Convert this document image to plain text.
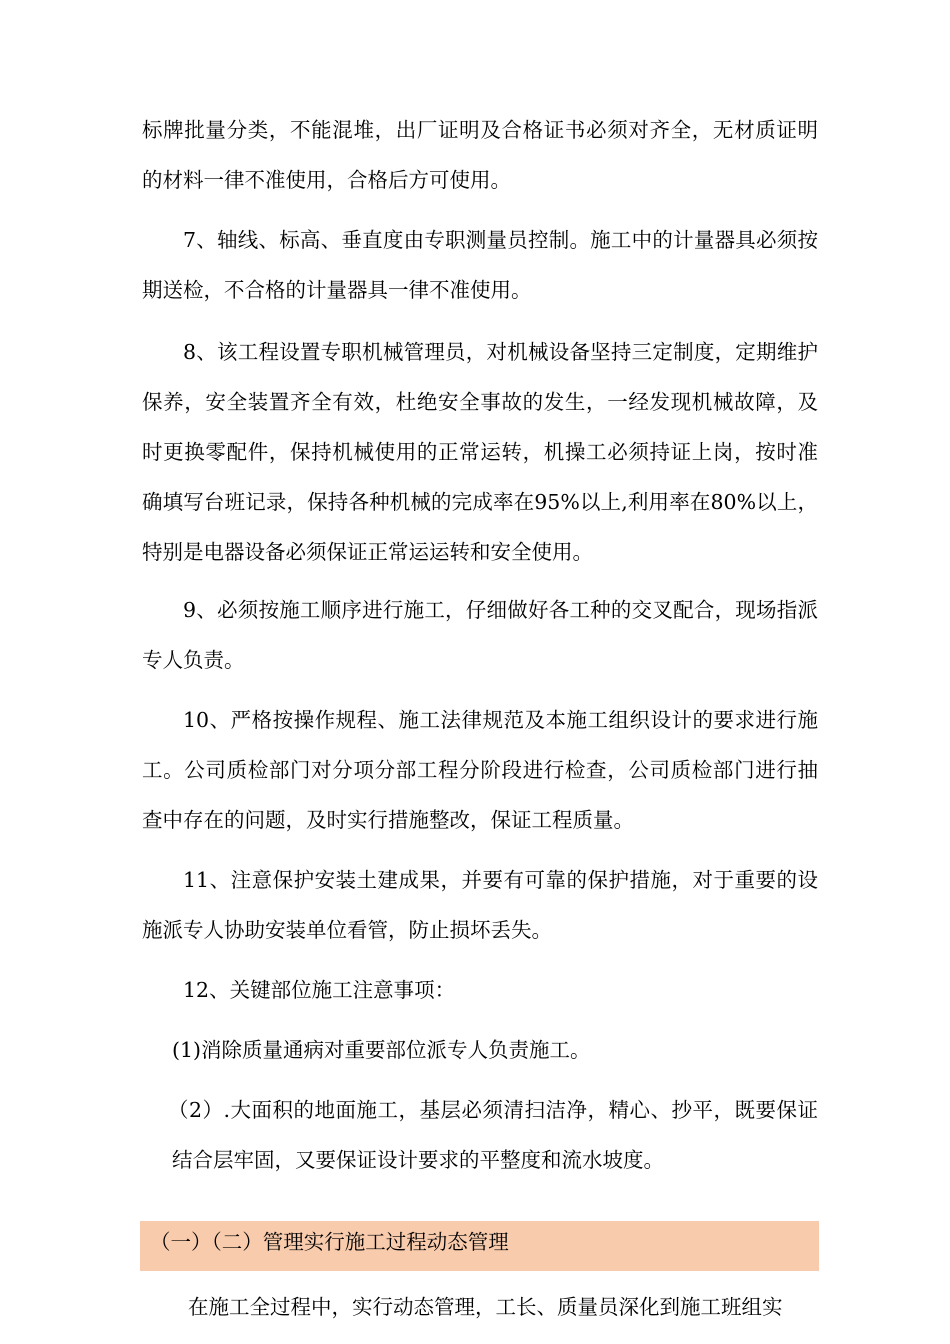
标牌批量分类，不能混堆，出厂证明及合格证书必须对齐全，无材质证明的材料一律不准使用，合格后方可使用。

7、轴线、标高、垂直度由专职测量员控制。施工中的计量器具必须按期送检，不合格的计量器具一律不准使用。

8、该工程设置专职机械管理员，对机械设备坚持三定制度，定期维护保养，安全装置齐全有效，杜绝安全事故的发生，一经发现机械故障，及时更换零配件，保持机械使用的正常运转，机操工必须持证上岗，按时准确填写台班记录，保持各种机械的完成率在95%以上,利用率在80%以上，特别是电器设备必须保证正常运运转和安全使用。

9、必须按施工顺序进行施工，仔细做好各工种的交叉配合，现场指派专人负责。

10、严格按操作规程、施工法律规范及本施工组织设计的要求进行施工。公司质检部门对分项分部工程分阶段进行检查，公司质检部门进行抽查中存在的问题，及时实行措施整改，保证工程质量。

11、注意保护安装土建成果，并要有可靠的保护措施，对于重要的设施派专人协助安装单位看管，防止损坏丢失。

12、关键部位施工注意事项：

(1)消除质量通病对重要部位派专人负责施工。

（2）.大面积的地面施工，基层必须清扫洁净，精心、抄平，既要保证结合层牢固，又要保证设计要求的平整度和流水坡度。

（一）（二）管理实行施工过程动态管理

在施工全过程中，实行动态管理，工长、质量员深化到施工班组实
